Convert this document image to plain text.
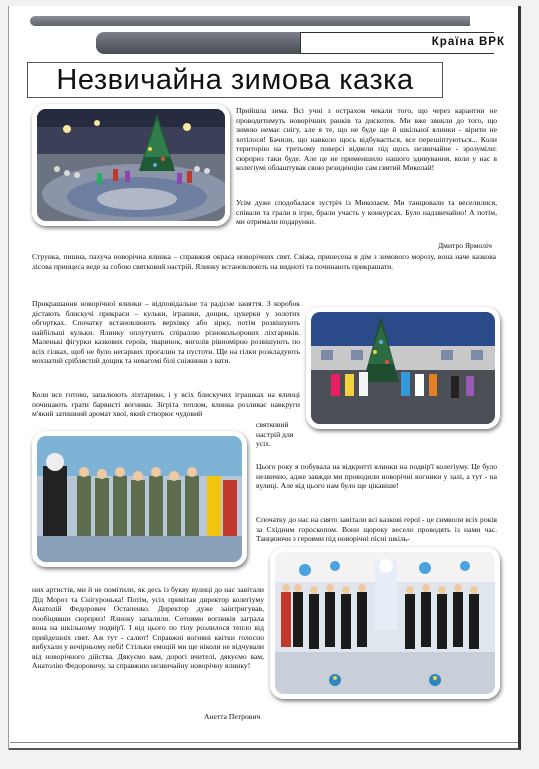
Країна ВРК
Незвичайна зимова казка

Прийшла зима. Всі учні з острахом чекали того, що через карантин не проводитимуть новорічних ранків та дискотек. Ми вже звикли до того, що зимою немає снігу, але я те, що не буде ще й шкільної ялинки - вірити не хотілося! Бачили, що навколо щось відбувається, все перешіптуються... Коли територію на третьому поверсі відвели під щось незвичайне - зрозуміли: сюрприз таки буде. Але це не применшило нашого здивування, коли у нас в колегіумі облаштував свою резиденцію сам святий Миколай!

Усім дуже сподобалася зустріч із Миколаєм. Ми танцювали та веселилися, співали та грали в ігри, брали участь у конкурсах. Було надзвичайно! А потім, ми отримали подарунки.

Дмитро Ярмоліч

Струнка, пишна, пахуча новорічна ялинка – справжня окраса новорічних свят. Свіжа, принесена в дім з зимового морозу, вона наче казкова лісова принцеса веде за собою святковий настрій. Ялинку встановлюють на видноті та починають прикрашати.

Прикрашання новорічної ялинки – відповідальне та радісне заняття. З коробок дістають блискучі прикраси – кульки, іграшки, дощик, цукерки у золотих обгортках. Спочатку встановлюють верхівку або зірку, потім розвішують найбільші кульки. Ялинку оплутують спіраллю різнокольорових ліхтариків. Маленькі фігурки казкових героїв, тваринок, янголів рівномірно розвішують по всіх гілках, щоб не було негарних прогалин та пустоти. Ще на гілки розкладують мохнатий сріблястий дощик та невагомі білі сніжинки з вати.

Коли все готово, запалюють ліхтарики, і у всіх блискучих іграшках на ялинці починають грати барвисті вогники. Зігріта теплом, ялинка розливає навкруги м'який затишний аромат хвої, який створює чудовий

святковий настрій для усіх.

Цього року я побувала на відкритті ялинки на подвір'ї колегіуму. Це було незвично, адже завжди ми проводили новорічні вогники у залі, а тут - на вулиці. Але від цього нам було ще цікавіше!

Спочатку до нас на свято завітали всі казкові герої - це символи всіх років за Східним гороскопом. Вони щороку весело проводять із нами час. Танцюючи з героями під новорічні пісні шкіль-

них артистів, ми й не помітили, як десь із букву вулиці до нас завітали Дід Мороз та Снігуронька! Потім, усіх привітав директор колегіуму Анатолій Федорович Остапенко. Директор дуже заінтригував, пообіцявши сюрприз! Ялинку запалили. Сотнями вогників заграла вона на шкільному подвір'ї. І від цього по тілу розлилося тепло від прийдешніх свят. Аж тут - салют! Справжні вогняні квітки голосно вибухали у вечірньому небі! Стільки емоцій ми ще ніколи не відчували від новорічного дійства. Дякуємо вам, дорогі вчителі, дякуємо вам, Анатолію Федоровичу, за справжню незвичайну новорічну ялинку!

Анетта Петрович
